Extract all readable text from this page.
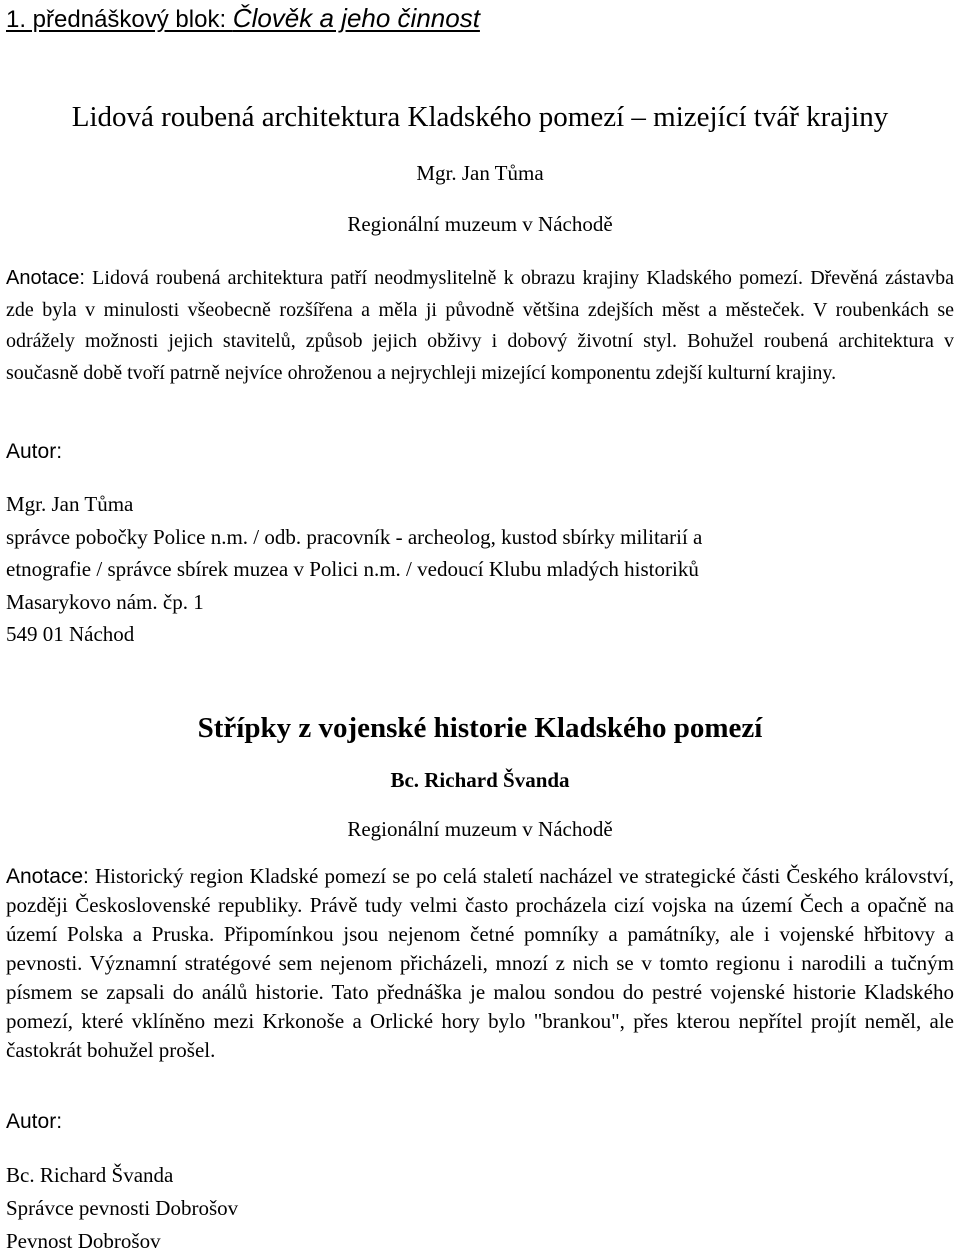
1. přednáškový blok: Člověk a jeho činnost
Lidová roubená architektura Kladského pomezí – mizející tvář krajiny
Mgr. Jan Tůma
Regionální muzeum v Náchodě

Anotace: Lidová roubená architektura patří neodmyslitelně k obrazu krajiny Kladského pomezí. Dřevěná zástavba zde byla v minulosti všeobecně rozšířena a měla ji původně většina zdejších měst a městeček. V roubenkách se odrážely možnosti jejich stavitelů, způsob jejich obživy i dobový životní styl. Bohužel roubená architektura v současně době tvoří patrně nejvíce ohroženou a nejrychleji mizející komponentu zdejší kulturní krajiny.

Autor:
Mgr. Jan Tůma
správce pobočky Police n.m. / odb. pracovník - archeolog, kustod sbírky militarií a
etnografie / správce sbírek muzea v Polici n.m. / vedoucí Klubu mladých historiků
Masarykovo nám. čp. 1
549 01 Náchod
Střípky z vojenské historie Kladského pomezí
Bc. Richard Švanda
Regionální muzeum v Náchodě

Anotace: Historický region Kladské pomezí se po celá staletí nacházel ve strategické části Českého království, později Československé republiky. Právě tudy velmi často procházela cizí vojska na území Čech a opačně na území Polska a Pruska. Připomínkou jsou nejenom četné pomníky a památníky, ale i vojenské hřbitovy a pevnosti. Významní stratégové sem nejenom přicházeli, mnozí z nich se v tomto regionu i narodili a tučným písmem se zapsali do análů historie. Tato přednáška je malou sondou do pestré vojenské historie Kladského pomezí, které vklíněno mezi Krkonoše a Orlické hory bylo "brankou", přes kterou nepřítel projít neměl, ale častokrát bohužel prošel.

Autor:
Bc. Richard Švanda
Správce pevnosti Dobrošov
Pevnost Dobrošov
